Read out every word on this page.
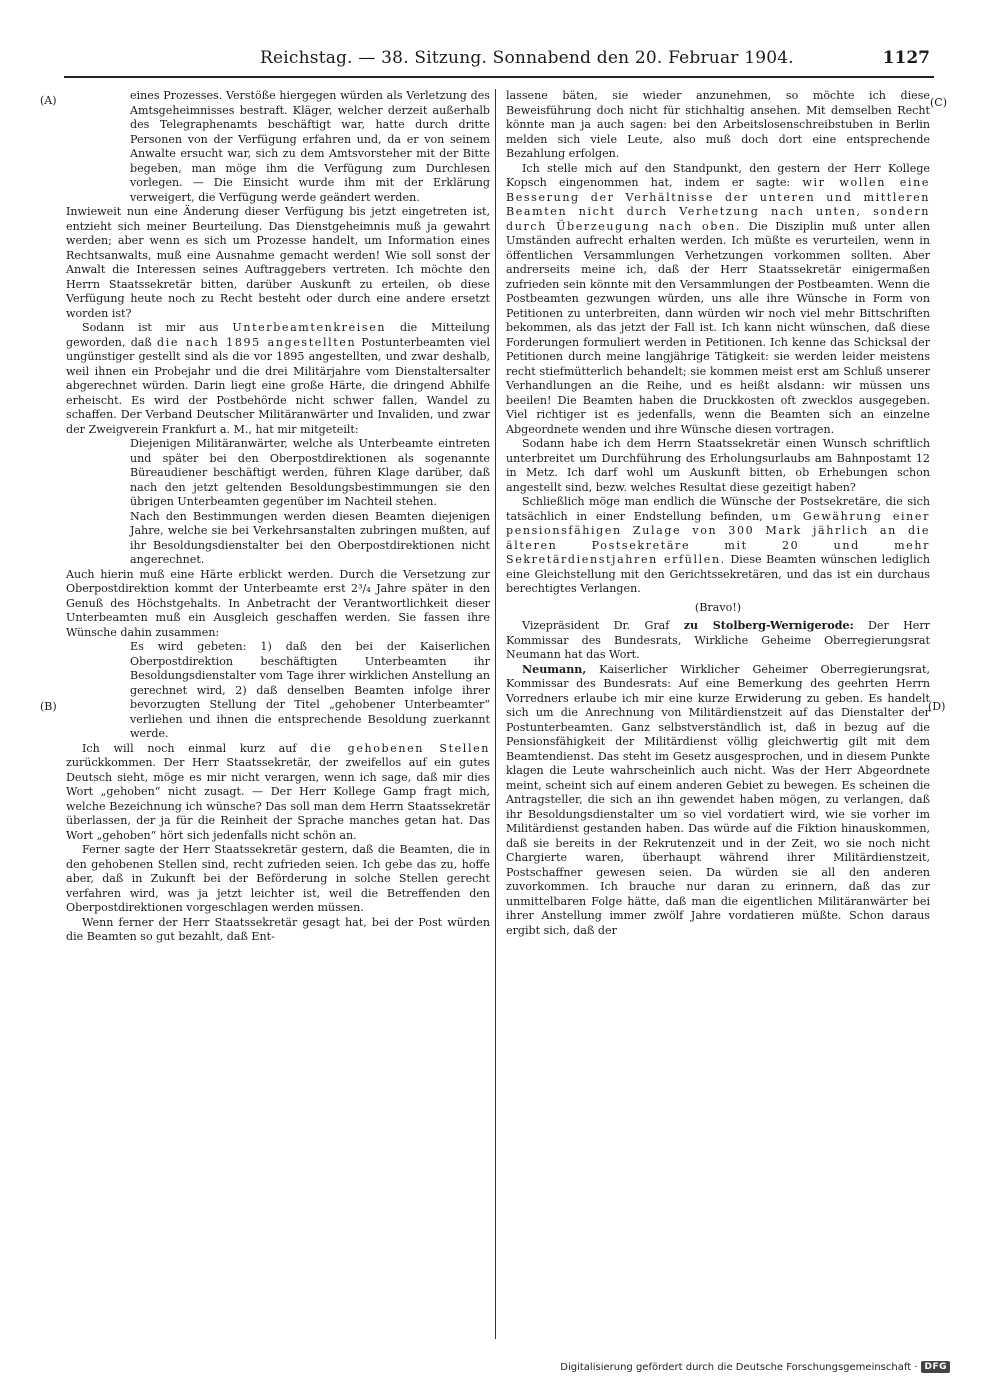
Reichstag. — 38. Sitzung. Sonnabend den 20. Februar 1904.	1127
(A)
(B)
(C)
(D)

eines Prozesses. Verstöße hiergegen würden als Verletzung des Amtsgeheimnisses bestraft. Kläger, welcher derzeit außerhalb des Telegraphenamts beschäftigt war, hatte durch dritte Personen von der Verfügung erfahren und, da er von seinem Anwalte ersucht war, sich zu dem Amtsvorsteher mit der Bitte begeben, man möge ihm die Verfügung zum Durchlesen vorlegen. — Die Einsicht wurde ihm mit der Erklärung verweigert, die Verfügung werde geändert werden.

Inwieweit nun eine Änderung dieser Verfügung bis jetzt eingetreten ist, entzieht sich meiner Beurteilung. Das Dienstgeheimnis muß ja gewahrt werden; aber wenn es sich um Prozesse handelt, um Information eines Rechtsanwalts, muß eine Ausnahme gemacht werden! Wie soll sonst der Anwalt die Interessen seines Auftraggebers vertreten. Ich möchte den Herrn Staatssekretär bitten, darüber Auskunft zu erteilen, ob diese Verfügung heute noch zu Recht besteht oder durch eine andere ersetzt worden ist?

Sodann ist mir aus Unterbeamtenkreisen die Mitteilung geworden, daß die nach 1895 angestellten Postunterbeamten viel ungünstiger gestellt sind als die vor 1895 angestellten, und zwar deshalb, weil ihnen ein Probejahr und die drei Militärjahre vom Dienstaltersalter abgerechnet würden. Darin liegt eine große Härte, die dringend Abhilfe erheischt. Es wird der Postbehörde nicht schwer fallen, Wandel zu schaffen. Der Verband Deutscher Militäranwärter und Invaliden, und zwar der Zweigverein Frankfurt a. M., hat mir mitgeteilt:

Diejenigen Militäranwärter, welche als Unterbeamte eintreten und später bei den Oberpostdirektionen als sogenannte Büreaudiener beschäftigt werden, führen Klage darüber, daß nach den jetzt geltenden Besoldungsbestimmungen sie den übrigen Unterbeamten gegenüber im Nachteil stehen.

Nach den Bestimmungen werden diesen Beamten diejenigen Jahre, welche sie bei Verkehrsanstalten zubringen mußten, auf ihr Besoldungsdienstalter bei den Oberpostdirektionen nicht angerechnet.

Auch hierin muß eine Härte erblickt werden. Durch die Versetzung zur Oberpostdirektion kommt der Unterbeamte erst 2³/₄ Jahre später in den Genuß des Höchstgehalts. In Anbetracht der Verantwortlichkeit dieser Unterbeamten muß ein Ausgleich geschaffen werden. Sie fassen ihre Wünsche dahin zusammen:

Es wird gebeten: 1) daß den bei der Kaiserlichen Oberpostdirektion beschäftigten Unterbeamten ihr Besoldungsdienstalter vom Tage ihrer wirklichen Anstellung an gerechnet wird, 2) daß denselben Beamten infolge ihrer bevorzugten Stellung der Titel „gehobener Unterbeamter“ verliehen und ihnen die entsprechende Besoldung zuerkannt werde.

Ich will noch einmal kurz auf die gehobenen Stellen zurückkommen. Der Herr Staatssekretär, der zweifellos auf ein gutes Deutsch sieht, möge es mir nicht verargen, wenn ich sage, daß mir dies Wort „gehoben“ nicht zusagt. — Der Herr Kollege Gamp fragt mich, welche Bezeichnung ich wünsche? Das soll man dem Herrn Staatssekretär überlassen, der ja für die Reinheit der Sprache manches getan hat. Das Wort „gehoben“ hört sich jedenfalls nicht schön an.

Ferner sagte der Herr Staatssekretär gestern, daß die Beamten, die in den gehobenen Stellen sind, recht zufrieden seien. Ich gebe das zu, hoffe aber, daß in Zukunft bei der Beförderung in solche Stellen gerecht verfahren wird, was ja jetzt leichter ist, weil die Betreffenden den Oberpostdirektionen vorgeschlagen werden müssen.

Wenn ferner der Herr Staatssekretär gesagt hat, bei der Post würden die Beamten so gut bezahlt, daß Ent-

lassene bäten, sie wieder anzunehmen, so möchte ich diese Beweisführung doch nicht für stichhaltig ansehen. Mit demselben Recht könnte man ja auch sagen: bei den Arbeitslosenschreibstuben in Berlin melden sich viele Leute, also muß doch dort eine entsprechende Bezahlung erfolgen.

Ich stelle mich auf den Standpunkt, den gestern der Herr Kollege Kopsch eingenommen hat, indem er sagte: wir wollen eine Besserung der Verhältnisse der unteren und mittleren Beamten nicht durch Verhetzung nach unten, sondern durch Überzeugung nach oben. Die Disziplin muß unter allen Umständen aufrecht erhalten werden. Ich müßte es verurteilen, wenn in öffentlichen Versammlungen Verhetzungen vorkommen sollten. Aber andrerseits meine ich, daß der Herr Staatssekretär einigermaßen zufrieden sein könnte mit den Versammlungen der Postbeamten. Wenn die Postbeamten gezwungen würden, uns alle ihre Wünsche in Form von Petitionen zu unterbreiten, dann würden wir noch viel mehr Bittschriften bekommen, als das jetzt der Fall ist. Ich kann nicht wünschen, daß diese Forderungen formuliert werden in Petitionen. Ich kenne das Schicksal der Petitionen durch meine langjährige Tätigkeit: sie werden leider meistens recht stiefmütterlich behandelt; sie kommen meist erst am Schluß unserer Verhandlungen an die Reihe, und es heißt alsdann: wir müssen uns beeilen! Die Beamten haben die Druckkosten oft zwecklos ausgegeben. Viel richtiger ist es jedenfalls, wenn die Beamten sich an einzelne Abgeordnete wenden und ihre Wünsche diesen vortragen.

Sodann habe ich dem Herrn Staatssekretär einen Wunsch schriftlich unterbreitet um Durchführung des Erholungsurlaubs am Bahnpostamt 12 in Metz. Ich darf wohl um Auskunft bitten, ob Erhebungen schon angestellt sind, bezw. welches Resultat diese gezeitigt haben?

Schließlich möge man endlich die Wünsche der Postsekretäre, die sich tatsächlich in einer Endstellung befinden, um Gewährung einer pensionsfähigen Zulage von 300 Mark jährlich an die älteren Postsekretäre mit 20 und mehr Sekretärdienstjahren erfüllen. Diese Beamten wünschen lediglich eine Gleichstellung mit den Gerichtssekretären, und das ist ein durchaus berechtigtes Verlangen.

(Bravo!)

Vizepräsident Dr. Graf zu Stolberg-Wernigerode: Der Herr Kommissar des Bundesrats, Wirkliche Geheime Oberregierungsrat Neumann hat das Wort.

Neumann, Kaiserlicher Wirklicher Geheimer Oberregierungsrat, Kommissar des Bundesrats: Auf eine Bemerkung des geehrten Herrn Vorredners erlaube ich mir eine kurze Erwiderung zu geben. Es handelt sich um die Anrechnung von Militärdienstzeit auf das Dienstalter der Postunterbeamten. Ganz selbstverständlich ist, daß in bezug auf die Pensionsfähigkeit der Militärdienst völlig gleichwertig gilt mit dem Beamtendienst. Das steht im Gesetz ausgesprochen, und in diesem Punkte klagen die Leute wahrscheinlich auch nicht. Was der Herr Abgeordnete meint, scheint sich auf einem anderen Gebiet zu bewegen. Es scheinen die Antragsteller, die sich an ihn gewendet haben mögen, zu verlangen, daß ihr Besoldungsdienstalter um so viel vordatiert wird, wie sie vorher im Militärdienst gestanden haben. Das würde auf die Fiktion hinauskommen, daß sie bereits in der Rekrutenzeit und in der Zeit, wo sie noch nicht Chargierte waren, überhaupt während ihrer Militärdienstzeit, Postschaffner gewesen seien. Da würden sie all den anderen zuvorkommen. Ich brauche nur daran zu erinnern, daß das zur unmittelbaren Folge hätte, daß man die eigentlichen Militäranwärter bei ihrer Anstellung immer zwölf Jahre vordatieren müßte. Schon daraus ergibt sich, daß der

Digitalisierung gefördert durch die Deutsche Forschungsgemeinschaft · DFG
